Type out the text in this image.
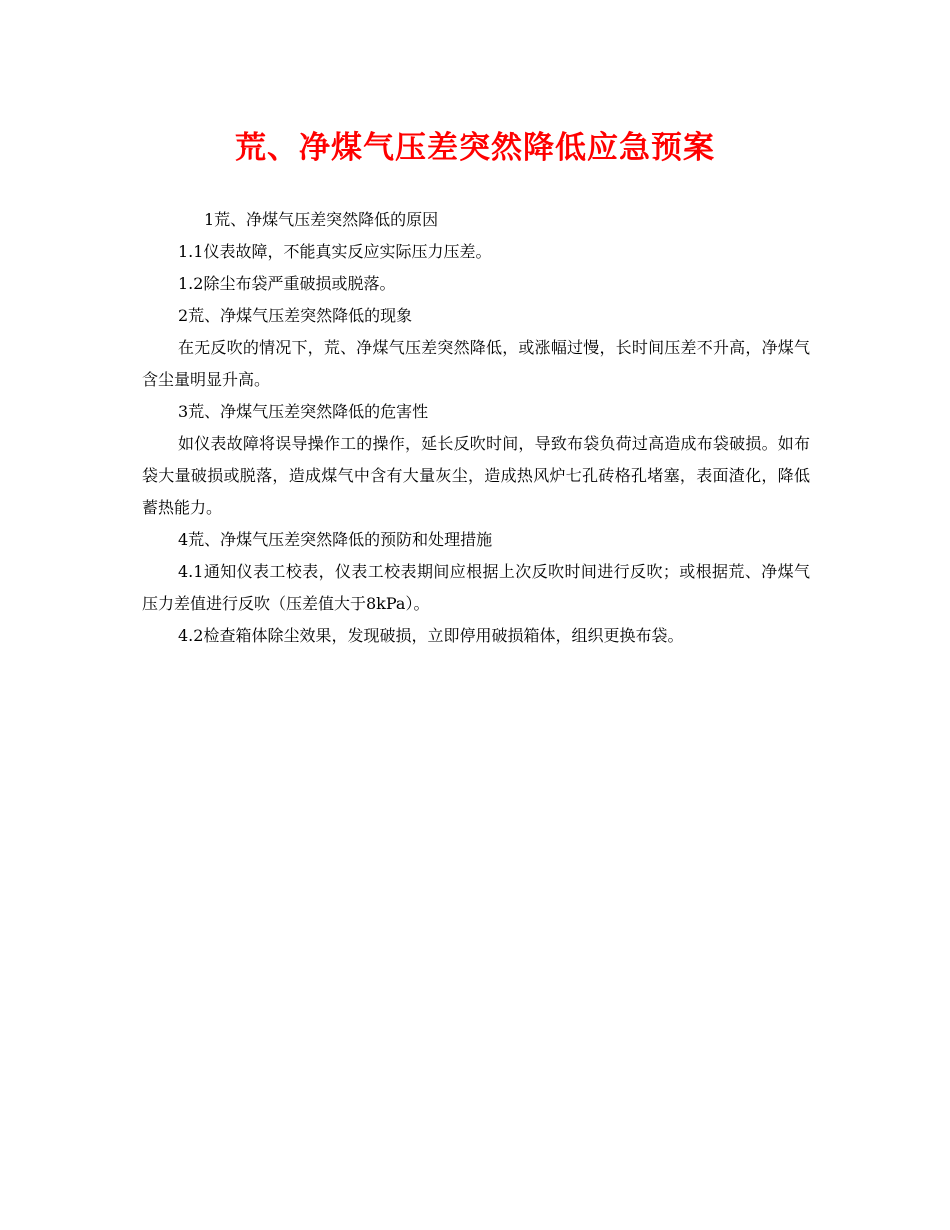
荒、净煤气压差突然降低应急预案

1荒、净煤气压差突然降低的原因

1.1仪表故障，不能真实反应实际压力压差。

1.2除尘布袋严重破损或脱落。

2荒、净煤气压差突然降低的现象

在无反吹的情况下，荒、净煤气压差突然降低，或涨幅过慢，长时间压差不升高，净煤气含尘量明显升高。

3荒、净煤气压差突然降低的危害性

如仪表故障将误导操作工的操作，延长反吹时间，导致布袋负荷过高造成布袋破损。如布袋大量破损或脱落，造成煤气中含有大量灰尘，造成热风炉七孔砖格孔堵塞，表面渣化，降低蓄热能力。

4荒、净煤气压差突然降低的预防和处理措施

4.1通知仪表工校表，仪表工校表期间应根据上次反吹时间进行反吹；或根据荒、净煤气压力差值进行反吹（压差值大于8kPa）。

4.2检查箱体除尘效果，发现破损，立即停用破损箱体，组织更换布袋。
